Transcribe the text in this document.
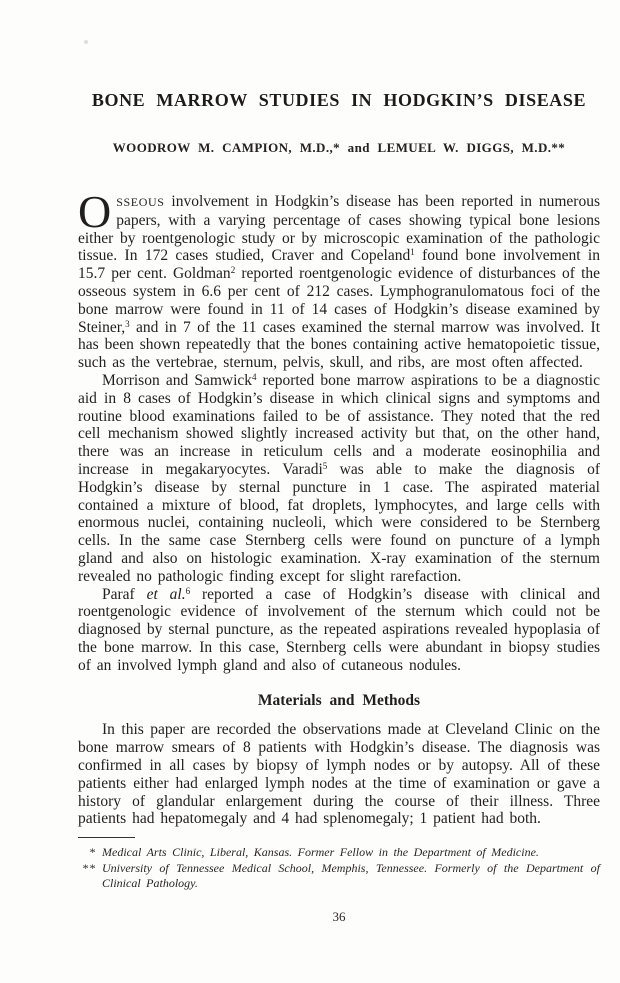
BONE MARROW STUDIES IN HODGKIN’S DISEASE
WOODROW M. CAMPION, M.D.,* and LEMUEL W. DIGGS, M.D.**

OSSEOUS involvement in Hodgkin’s disease has been reported in numerous papers, with a varying percentage of cases showing typical bone lesions either by roentgenologic study or by microscopic examination of the pathologic tissue. In 172 cases studied, Craver and Copeland$^1$ found bone involvement in 15.7 per cent. Goldman$^2$ reported roentgenologic evidence of disturbances of the osseous system in 6.6 per cent of 212 cases. Lymphogranulomatous foci of the bone marrow were found in 11 of 14 cases of Hodgkin’s disease examined by Steiner,$^3$ and in 7 of the 11 cases examined the sternal marrow was involved. It has been shown repeatedly that the bones containing active hematopoietic tissue, such as the vertebrae, sternum, pelvis, skull, and ribs, are most often affected.

Morrison and Samwick$^4$ reported bone marrow aspirations to be a diagnostic aid in 8 cases of Hodgkin’s disease in which clinical signs and symptoms and routine blood examinations failed to be of assistance. They noted that the red cell mechanism showed slightly increased activity but that, on the other hand, there was an increase in reticulum cells and a moderate eosinophilia and increase in megakaryocytes. Varadi$^5$ was able to make the diagnosis of Hodgkin’s disease by sternal puncture in 1 case. The aspirated material contained a mixture of blood, fat droplets, lymphocytes, and large cells with enormous nuclei, containing nucleoli, which were considered to be Sternberg cells. In the same case Sternberg cells were found on puncture of a lymph gland and also on histologic examination. X-ray examination of the sternum revealed no pathologic finding except for slight rarefaction.

Paraf et al.$^6$ reported a case of Hodgkin’s disease with clinical and roentgenologic evidence of involvement of the sternum which could not be diagnosed by sternal puncture, as the repeated aspirations revealed hypoplasia of the bone marrow. In this case, Sternberg cells were abundant in biopsy studies of an involved lymph gland and also of cutaneous nodules.

Materials and Methods

In this paper are recorded the observations made at Cleveland Clinic on the bone marrow smears of 8 patients with Hodgkin’s disease. The diagnosis was confirmed in all cases by biopsy of lymph nodes or by autopsy. All of these patients either had enlarged lymph nodes at the time of examination or gave a history of glandular enlargement during the course of their illness. Three patients had hepatomegaly and 4 had splenomegaly; 1 patient had both.

* Medical Arts Clinic, Liberal, Kansas. Former Fellow in the Department of Medicine.
** University of Tennessee Medical School, Memphis, Tennessee. Formerly of the Department of Clinical Pathology.
36
